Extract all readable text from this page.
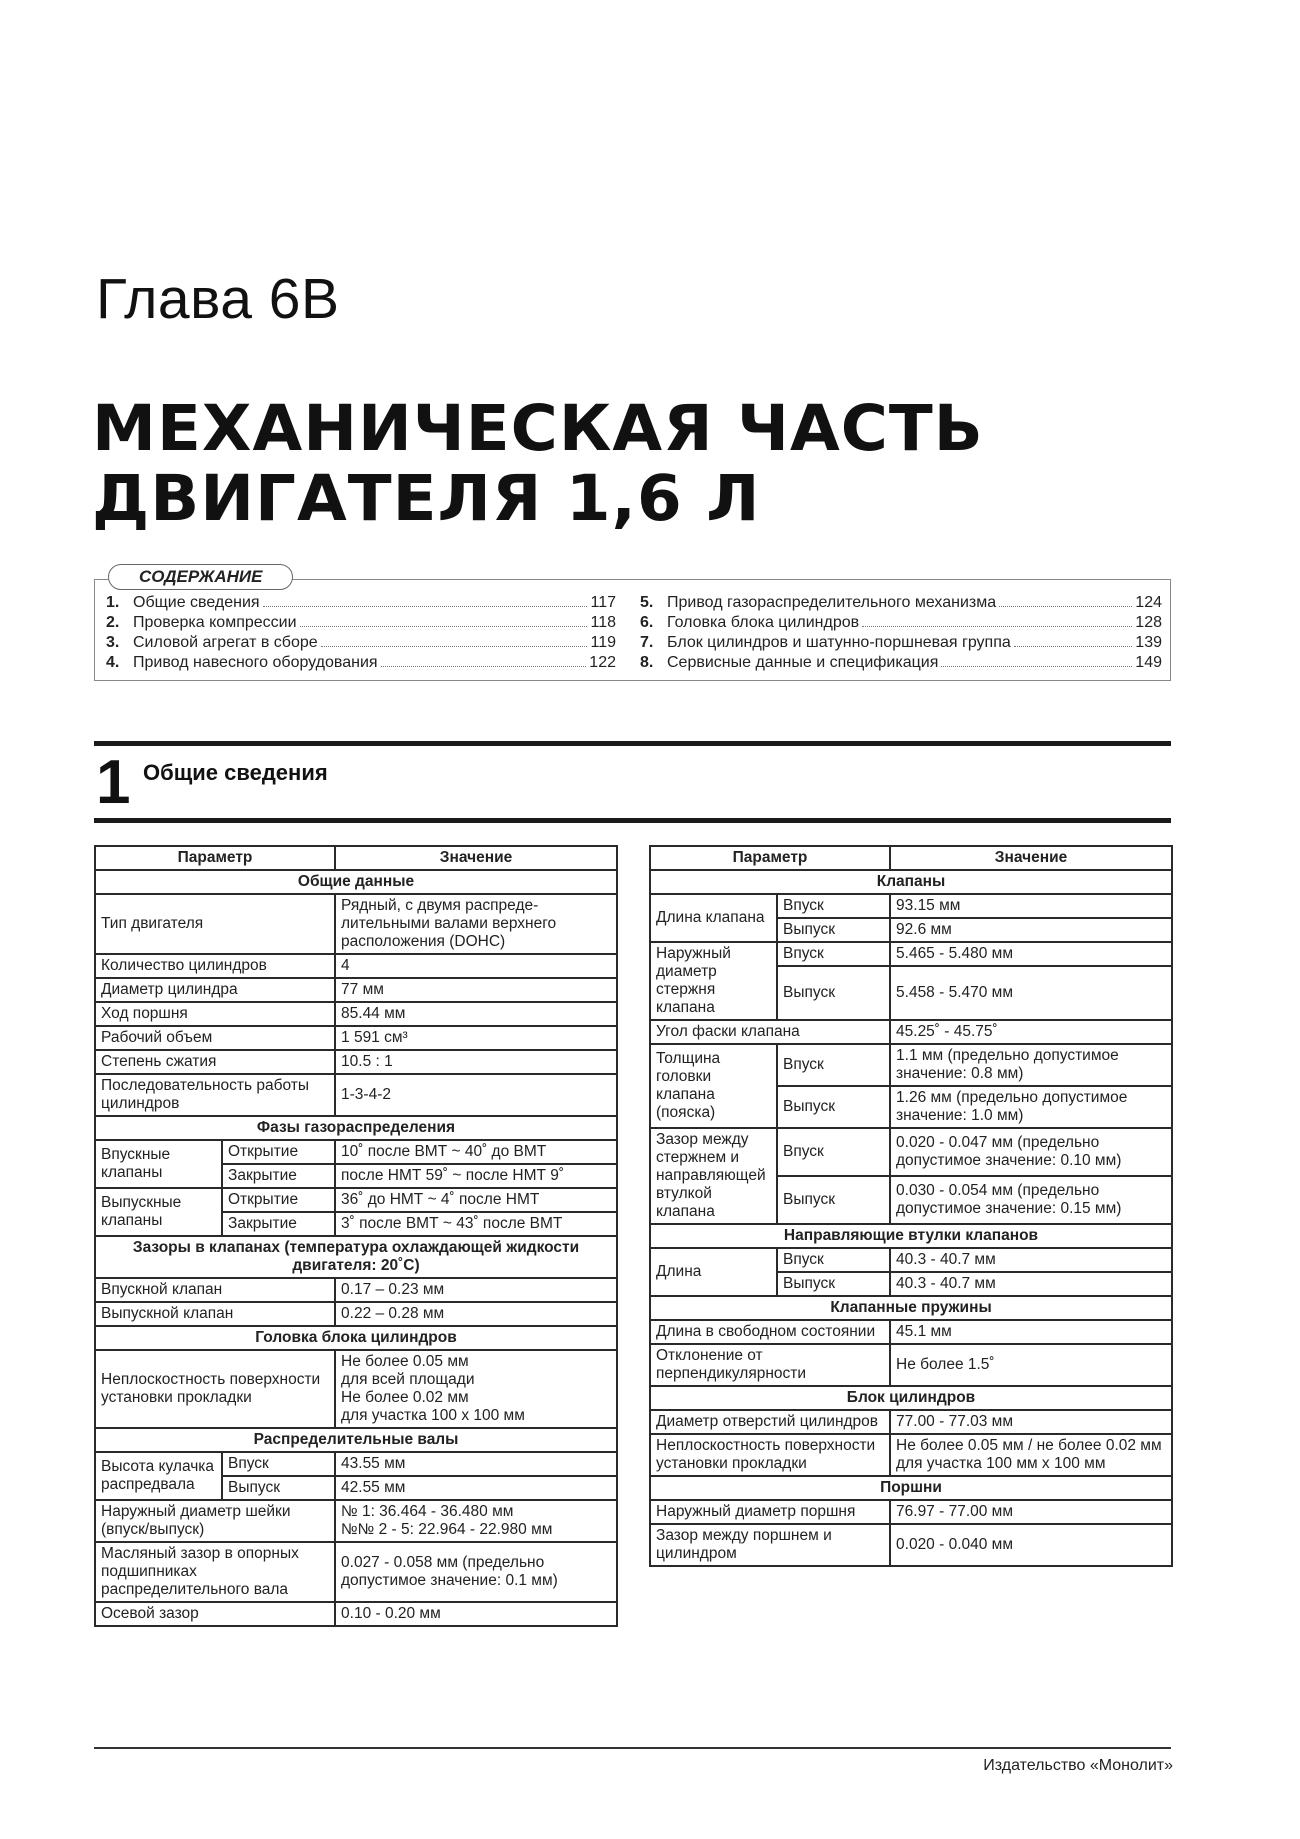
Глава 6В
МЕХАНИЧЕСКАЯ ЧАСТЬ
ДВИГАТЕЛЯ 1,6 Л
СОДЕРЖАНИЕ
1. Общие сведения	117
2. Проверка компрессии	118
3. Силовой агрегат в сборе	119
4. Привод навесного оборудования	122
5. Привод газораспределительного механизма	124
6. Головка блока цилиндров	128
7. Блок цилиндров и шатунно-поршневая группа	139
8. Сервисные данные и спецификация	149
1 Общие сведения
Параметр		Значение
Общие данные		
Тип двигателя		Рядный, с двумя распреде-лительными валами верхнего расположения (DOHC)
Количество цилиндров		4
Диаметр цилиндра		77 мм
Ход поршня		85.44 мм
Рабочий объем		1 591 см³
Степень сжатия		10.5 : 1
Последовательность работы цилиндров		1-3-4-2
Фазы газораспределения		
Впускные клапаны	Открытие	10˚ после ВМТ ~ 40˚ до ВМТ
	Закрытие	после НМТ 59˚ ~ после НМТ 9˚
Выпускные клапаны	Открытие	36˚ до НМТ ~ 4˚ после НМТ
	Закрытие	3˚ после ВМТ ~ 43˚ после ВМТ
Зазоры в клапанах (температура охлаждающей жидкости двигателя: 20˚С)		
Впускной клапан		0.17 – 0.23 мм
Выпускной клапан		0.22 – 0.28 мм
Головка блока цилиндров		
Неплоскостность поверхности установки прокладки		Не более 0.05 мм
для всей площади
Не более 0.02 мм
для участка 100 х 100 мм

Распределительные валы		
Высота кулачка распредвала	Впуск	43.55 мм
	Выпуск	42.55 мм
Наружный диаметр шейки (впуск/выпуск)		№ 1: 36.464 - 36.480 мм
№№ 2 - 5: 22.964 - 22.980 мм

Масляный зазор в опорных подшипниках распределительного вала		0.027 - 0.058 мм (предельно допустимое значение: 0.1 мм)
Осевой зазор		0.10 - 0.20 мм
Параметр		Значение
Клапаны		
Длина клапана	Впуск	93.15 мм
	Выпуск	92.6 мм
Наружный диаметр стержня клапана	Впуск	5.465 - 5.480 мм
	Выпуск	5.458 - 5.470 мм
Угол фаски клапана		45.25˚ - 45.75˚
Толщина головки клапана (пояска)	Впуск	1.1 мм (предельно допустимое значение: 0.8 мм)
	Выпуск	1.26 мм (предельно допустимое значение: 1.0 мм)
Зазор между стержнем и направляющей втулкой клапана	Впуск	0.020 - 0.047 мм (предельно допустимое значение: 0.10 мм)
	Выпуск	0.030 - 0.054 мм (предельно допустимое значение: 0.15 мм)
Направляющие втулки клапанов		
Длина	Впуск	40.3 - 40.7 мм
	Выпуск	40.3 - 40.7 мм
Клапанные пружины		
Длина в свободном состоянии		45.1 мм
Отклонение от перпендикулярности		Не более 1.5˚
Блок цилиндров		
Диаметр отверстий цилиндров		77.00 - 77.03 мм
Неплоскостность поверхности установки прокладки		Не более 0.05 мм / не более 0.02 мм для участка 100 мм х 100 мм
Поршни		
Наружный диаметр поршня		76.97 - 77.00 мм
Зазор между поршнем и цилиндром		0.020 - 0.040 мм
Издательство «Монолит»
